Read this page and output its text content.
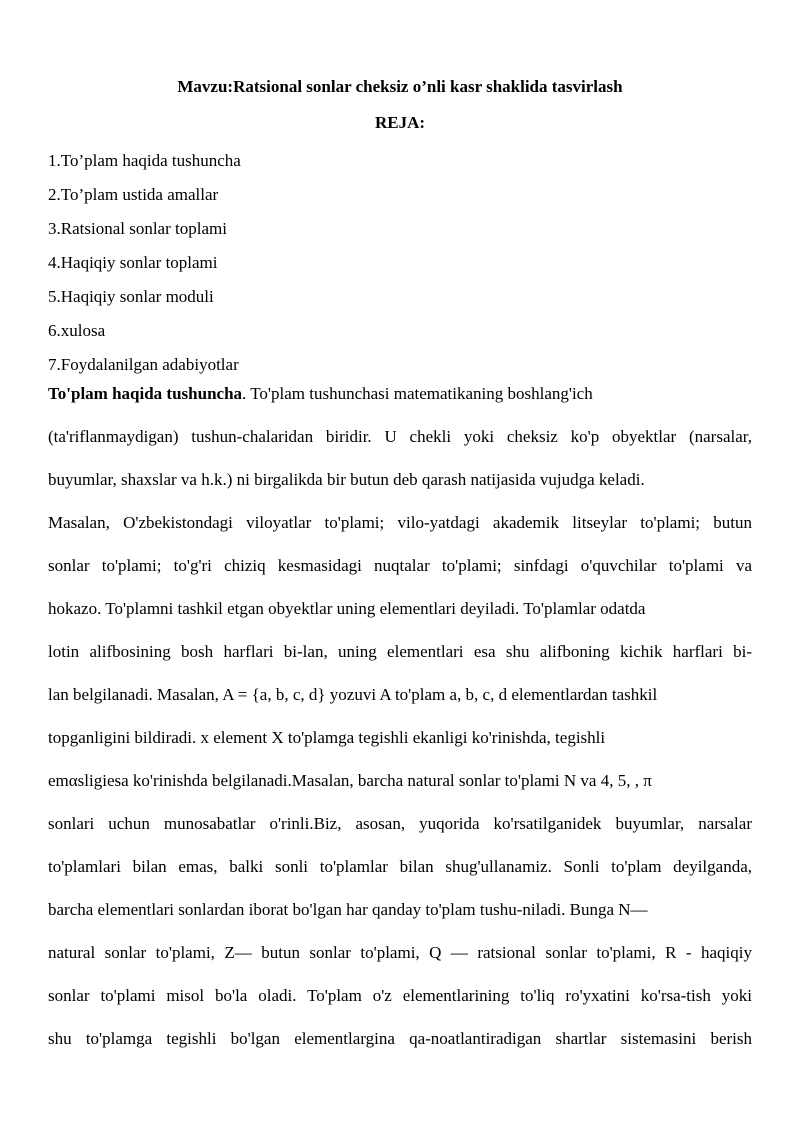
Mavzu:Ratsional sonlar cheksiz o’nli kasr shaklida tasvirlash
REJA:
1.To’plam haqida tushuncha
2.To’plam ustida amallar
3.Ratsional sonlar toplami
4.Haqiqiy sonlar toplami
5.Haqiqiy sonlar moduli
6.xulosa
7.Foydalanilgan adabiyotlar
To'plam haqida tushuncha. To'plam tushunchasi matematikaning boshlang'ich
(ta'riflanmaydigan) tushun-chalaridan biridir. U chekli yoki cheksiz ko'p obyektlar (narsalar,
buyumlar, shaxslar va h.k.) ni birgalikda bir butun deb qarash natijasida vujudga keladi.
Masalan, O'zbekistondagi viloyatlar to'plami; vilo-yatdagi akademik litseylar to'plami; butun
sonlar to'plami; to'g'ri chiziq kesmasidagi nuqtalar to'plami; sinfdagi o'quvchilar to'plami va
hokazo. To'plamni tashkil etgan obyektlar uning elementlari deyiladi. To'plamlar odatda
lotin alifbosining bosh harflari bi-lan, uning elementlari esa shu alifboning kichik harflari bi-
lan belgilanadi. Masalan, A = {a, b, c, d} yozuvi A to'plam a, b, c, d elementlardan tashkil
topganligini bildiradi. x element X to'plamga tegishli ekanligi ko'rinishda, tegishli
emαsligiesa ko'rinishda belgilanadi.Masalan, barcha natural sonlar to'plami N va 4, 5, , π
sonlari uchun munosabatlar o'rinli.Biz, asosan, yuqorida ko'rsatilganidek buyumlar, narsalar
to'plamlari bilan emas, balki sonli to'plamlar bilan shug'ullanamiz. Sonli to'plam deyilganda,
barcha elementlari sonlardan iborat bo'lgan har qanday to'plam tushu-niladi. Bunga N—
natural sonlar to'plami, Z— butun sonlar to'plami, Q — ratsional sonlar to'plami, R - haqiqiy
sonlar to'plami misol bo'la oladi. To'plam o'z elementlarining to'liq ro'yxatini ko'rsa-tish yoki
shu to'plamga tegishli bo'lgan elementlargina qa-noatlantiradigan shartlar sistemasini berish
